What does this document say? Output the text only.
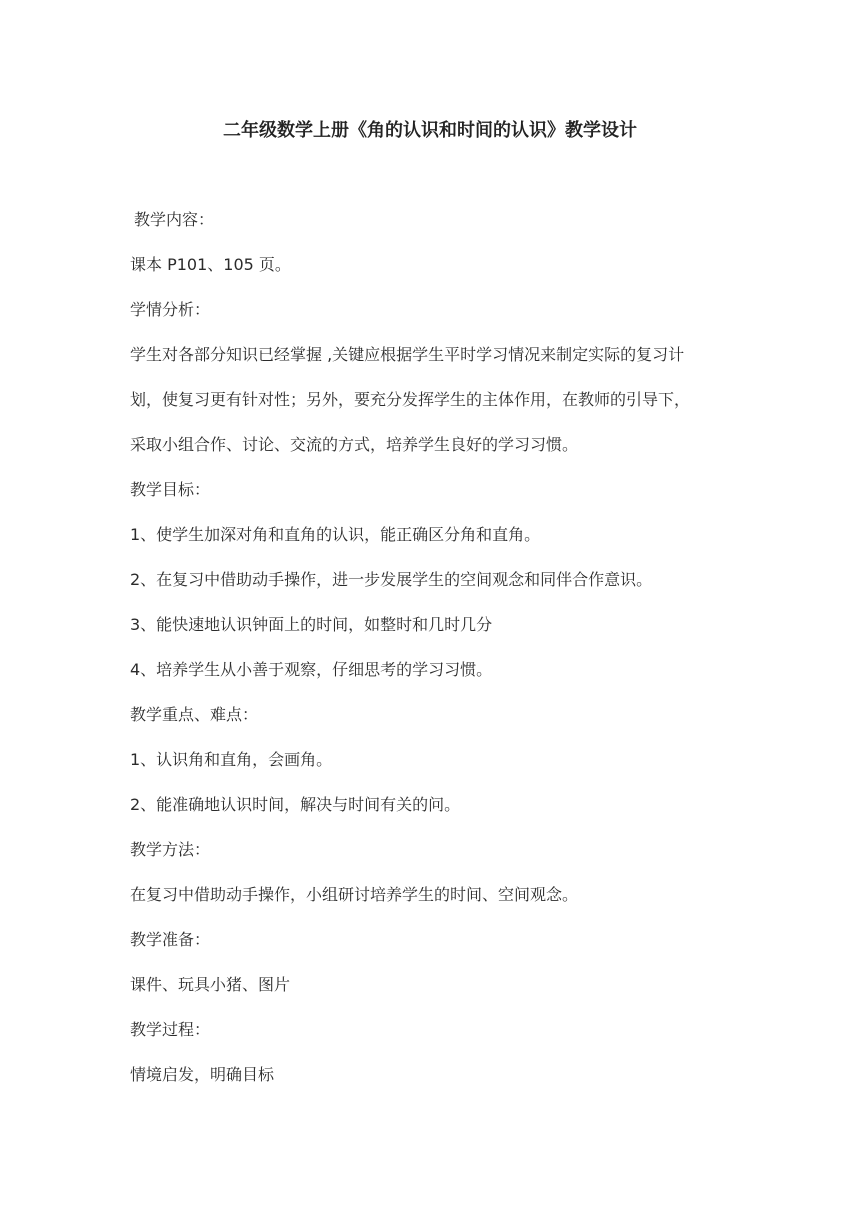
二年级数学上册《角的认识和时间的认识》教学设计
教学内容：
课本 P101、105 页。
学情分析：
学生对各部分知识已经掌握 ,关键应根据学生平时学习情况来制定实际的复习计
划，使复习更有针对性；另外，要充分发挥学生的主体作用，在教师的引导下，
采取小组合作、讨论、交流的方式，培养学生良好的学习习惯。
教学目标：
1、使学生加深对角和直角的认识，能正确区分角和直角。
2、在复习中借助动手操作，进一步发展学生的空间观念和同伴合作意识。
3、能快速地认识钟面上的时间，如整时和几时几分
4、培养学生从小善于观察，仔细思考的学习习惯。
教学重点、难点：
1、认识角和直角，会画角。
2、能准确地认识时间，解决与时间有关的问。
教学方法：
在复习中借助动手操作，小组研讨培养学生的时间、空间观念。
教学准备：
课件、玩具小猪、图片
教学过程：
情境启发，明确目标
